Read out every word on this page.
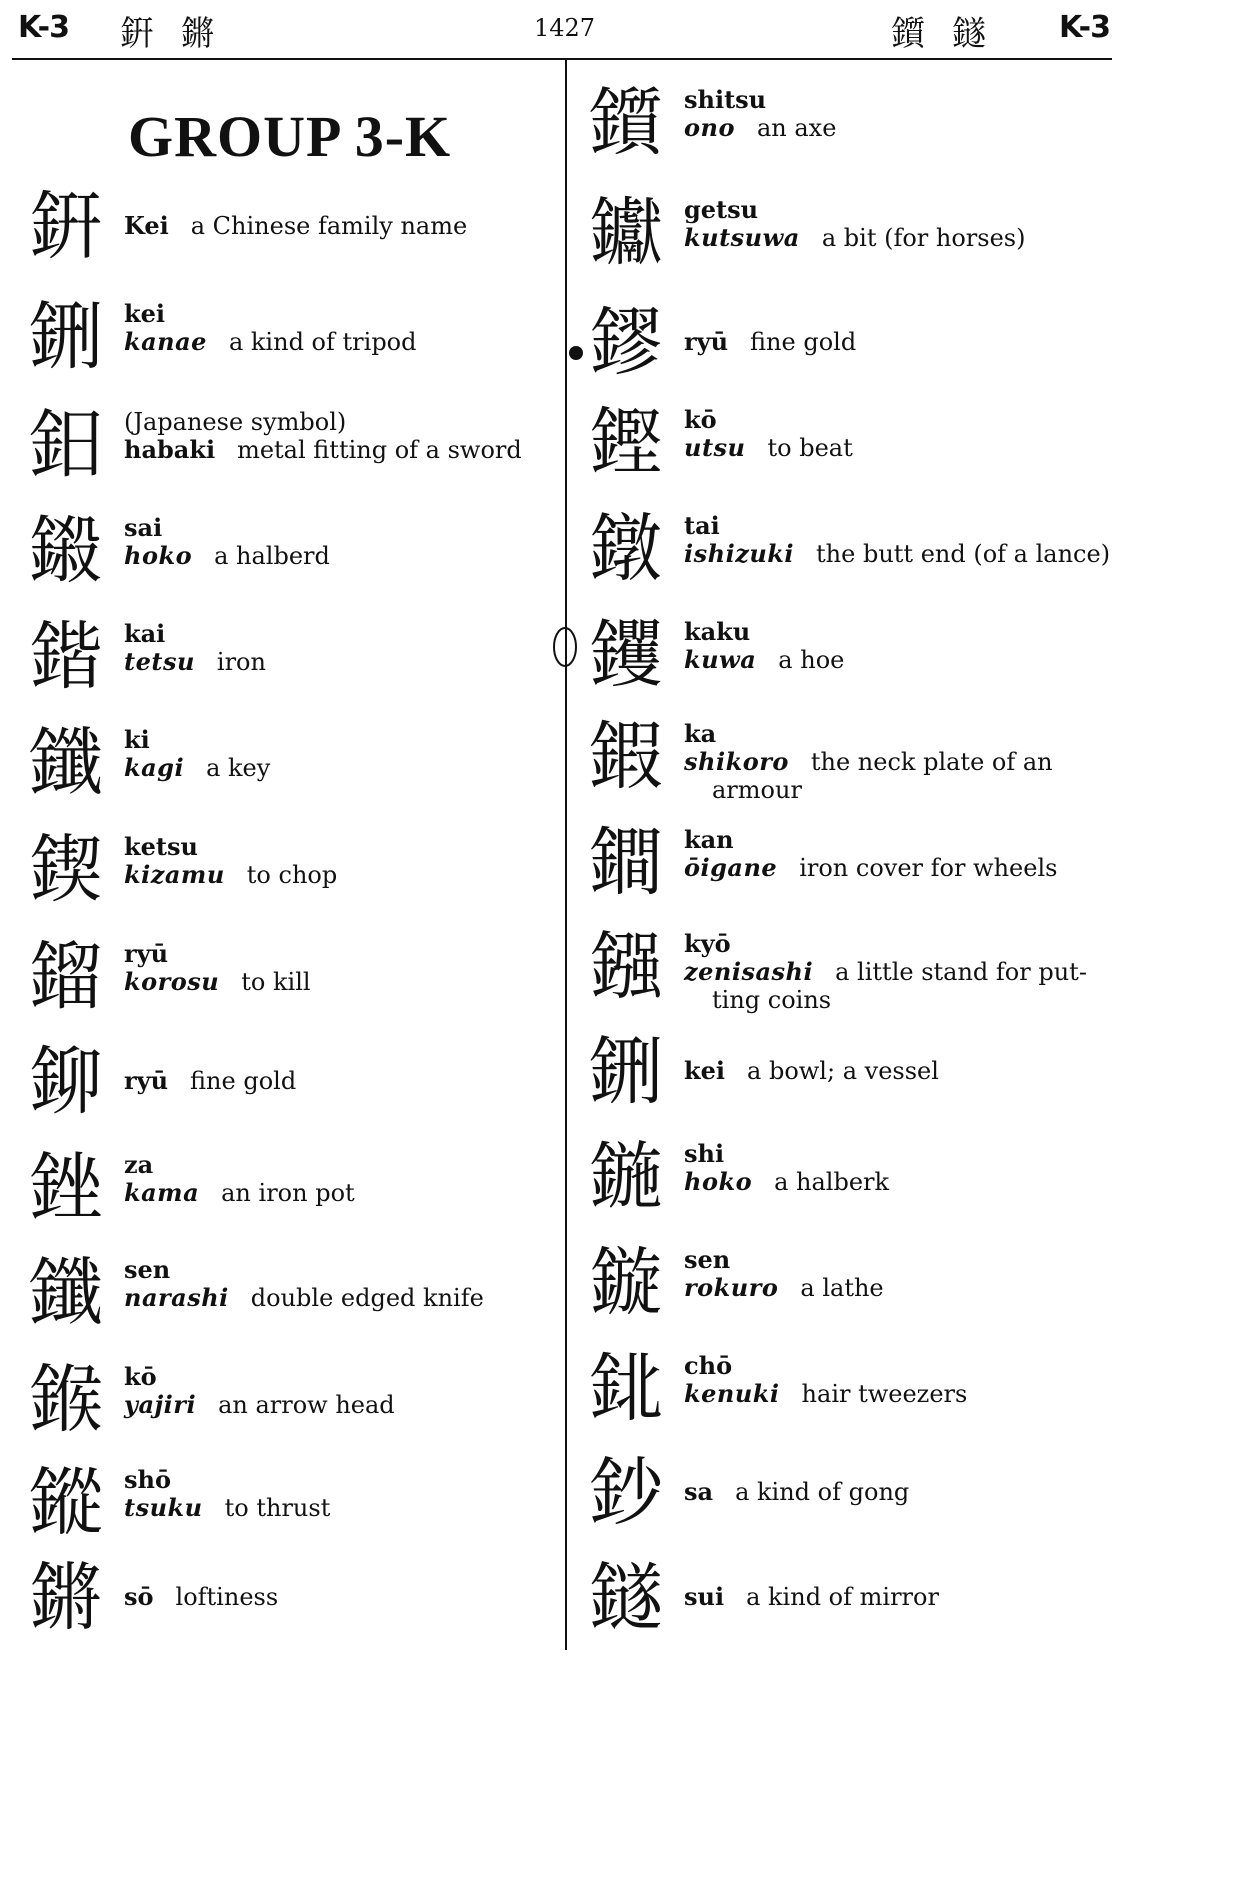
K-3 銒 鏘	1427	鑕 鐩 K-3
GROUP 3-K
銒 Kei a Chinese family name
鉶 kei
kanae a kind of tripod
鈤 (Japanese symbol)
habaki metal fitting of a sword
鎩 sai
hoko a halberd
鍇 kai
tetsu iron
鑯 ki
kagi a key
鍥 ketsu
kizamu to chop
鎦 ryū
korosu to kill
鉚 ryū fine gold
銼 za
kama an iron pot
鑯 sen
narashi double edged knife
鍭 kō
yajiri an arrow head
鏦 shō
tsuku to thrust
鏘 sō loftiness
鑕 shitsu
ono an axe
钀 getsu
kutsuwa a bit (for horses)
鏐 ryū fine gold
鏗 kō
utsu to beat
鐓 tai
ishizuki the butt end (of a lance)
钁 kaku
kuwa a hoe
鍜 ka
shikoro the neck plate of an
armour
鐧 kan
ōigane iron cover for wheels
鏹 kyō
zenisashi a little stand for put-
ting coins
鉶 kei a bowl; a vessel
鍦 shi
hoko a halberk
鏇 sen
rokuro a lathe
鉳 chō
kenuki hair tweezers
鈔 sa a kind of gong
鐩 sui a kind of mirror
